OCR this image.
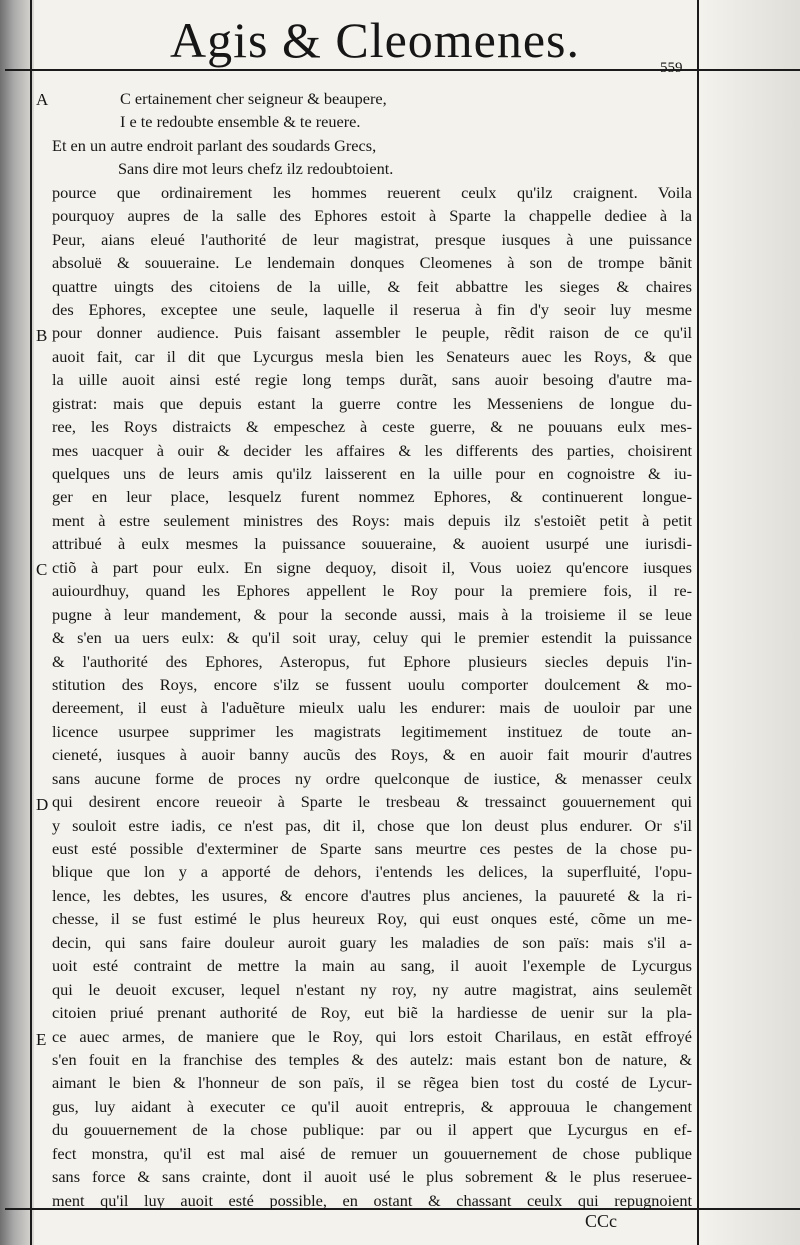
Agis & Cleomenes.	559
A
B
C
D
E
C ertainement cher seigneur & beaupere,
I e te redoubte ensemble & te reuere.
Et en un autre endroit parlant des soudards Grecs,
Sans dire mot leurs chefz ilz redoubtoient.
pource que ordinairement les hommes reuerent ceulx qu'ilz craignent. Voila
pourquoy aupres de la salle des Ephores estoit à Sparte la chappelle dediee à la
Peur, aians eleué l'authorité de leur magistrat, presque iusques à une puissance
absoluë & souueraine. Le lendemain donques Cleomenes à son de trompe bãnit
quattre uingts des citoiens de la uille, & feit abbattre les sieges & chaires
des Ephores, exceptee une seule, laquelle il reserua à fin d'y seoir luy mesme
pour donner audience. Puis faisant assembler le peuple, rẽdit raison de ce qu'il
auoit fait, car il dit que Lycurgus mesla bien les Senateurs auec les Roys, & que
la uille auoit ainsi esté regie long temps durãt, sans auoir besoing d'autre ma-
gistrat: mais que depuis estant la guerre contre les Messeniens de longue du-
ree, les Roys distraicts & empeschez à ceste guerre, & ne pouuans eulx mes-
mes uacquer à ouir & decider les affaires & les differents des parties, choisirent
quelques uns de leurs amis qu'ilz laisserent en la uille pour en cognoistre & iu-
ger en leur place, lesquelz furent nommez Ephores, & continuerent longue-
ment à estre seulement ministres des Roys: mais depuis ilz s'estoiẽt petit à petit
attribué à eulx mesmes la puissance souueraine, & auoient usurpé une iurisdi-
ctiõ à part pour eulx. En signe dequoy, disoit il, Vous uoiez qu'encore iusques
auiourdhuy, quand les Ephores appellent le Roy pour la premiere fois, il re-
pugne à leur mandement, & pour la seconde aussi, mais à la troisieme il se leue
& s'en ua uers eulx: & qu'il soit uray, celuy qui le premier estendit la puissance
& l'authorité des Ephores, Asteropus, fut Ephore plusieurs siecles depuis l'in-
stitution des Roys, encore s'ilz se fussent uoulu comporter doulcement & mo-
dereement, il eust à l'aduẽture mieulx ualu les endurer: mais de uouloir par une
licence usurpee supprimer les magistrats legitimement instituez de toute an-
cieneté, iusques à auoir banny aucũs des Roys, & en auoir fait mourir d'autres
sans aucune forme de proces ny ordre quelconque de iustice, & menasser ceulx
qui desirent encore reueoir à Sparte le tresbeau & tressainct gouuernement qui
y souloit estre iadis, ce n'est pas, dit il, chose que lon deust plus endurer. Or s'il
eust esté possible d'exterminer de Sparte sans meurtre ces pestes de la chose pu-
blique que lon y a apporté de dehors, i'entends les delices, la superfluité, l'opu-
lence, les debtes, les usures, & encore d'autres plus ancienes, la pauureté & la ri-
chesse, il se fust estimé le plus heureux Roy, qui eust onques esté, cõme un me-
decin, qui sans faire douleur auroit guary les maladies de son païs: mais s'il a-
uoit esté contraint de mettre la main au sang, il auoit l'exemple de Lycurgus
qui le deuoit excuser, lequel n'estant ny roy, ny autre magistrat, ains seulemẽt
citoien priué prenant authorité de Roy, eut biẽ la hardiesse de uenir sur la pla-
ce auec armes, de maniere que le Roy, qui lors estoit Charilaus, en estãt effroyé
s'en fouit en la franchise des temples & des autelz: mais estant bon de nature, &
aimant le bien & l'honneur de son païs, il se rẽgea bien tost du costé de Lycur-
gus, luy aidant à executer ce qu'il auoit entrepris, & approuua le changement
du gouuernement de la chose publique: par ou il appert que Lycurgus en ef-
fect monstra, qu'il est mal aisé de remuer un gouuernement de chose publique
sans force & sans crainte, dont il auoit usé le plus sobrement & le plus reserueе-
ment qu'il luy auoit esté possible, en ostant & chassant ceulx qui repugnoient
CCc
